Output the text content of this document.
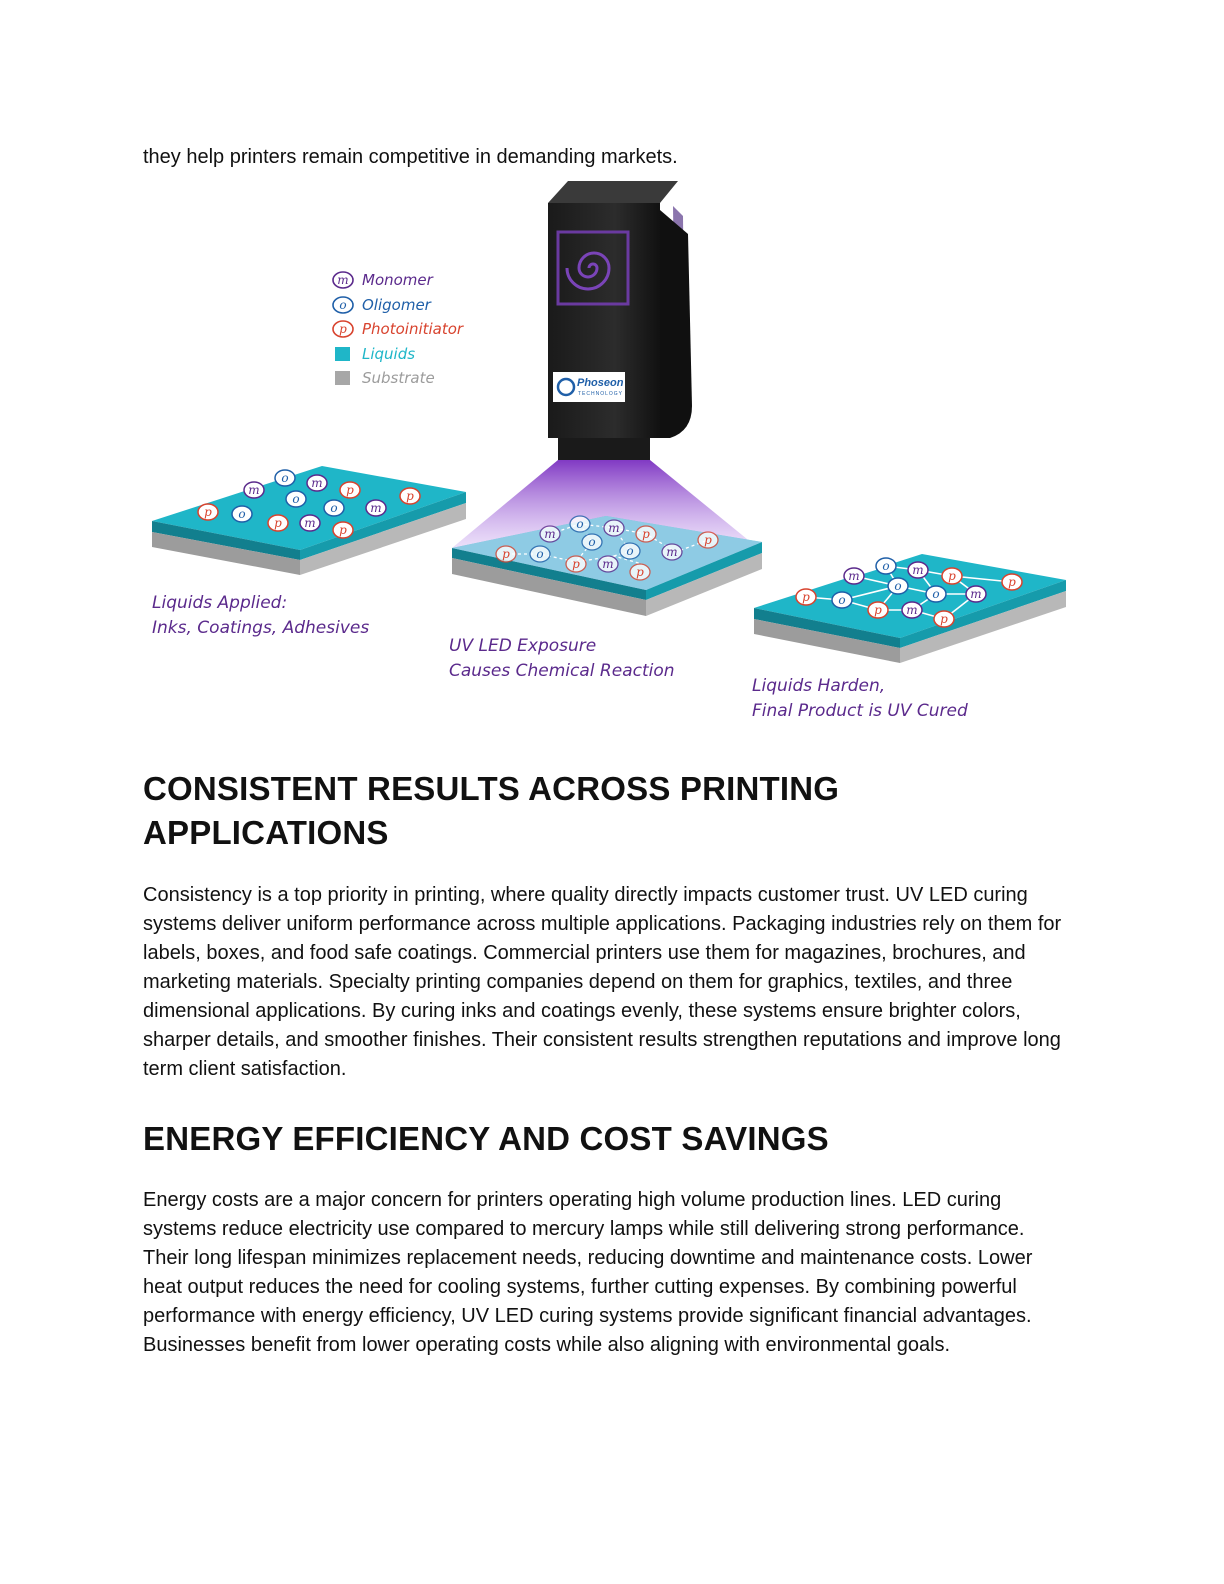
they help printers remain competitive in demanding markets.

m Monomer
o Oligomer
p Photoinitiator
Liquids
Substrate	Phoseon
TECHNOLOGY
o m
m	p
o	p
o	m
p o
p m p	o m
m	p
o	p
o	m
p o
p m
p	o m
m	p
o	p
o	m
p o
p m
p
Liquids Applied:
Inks, Coatings, Adhesives
UV LED Exposure
Causes Chemical Reaction
Liquids Harden,
Final Product is UV Cured
CONSISTENT RESULTS ACROSS PRINTING
APPLICATIONS

Consistency is a top priority in printing, where quality directly impacts customer trust. UV LED curing systems deliver uniform performance across multiple applications. Packaging industries rely on them for labels, boxes, and food safe coatings. Commercial printers use them for magazines, brochures, and marketing materials. Specialty printing companies depend on them for graphics, textiles, and three dimensional applications. By curing inks and coatings evenly, these systems ensure brighter colors, sharper details, and smoother finishes. Their consistent results strengthen reputations and improve long term client satisfaction.

ENERGY EFFICIENCY AND COST SAVINGS

Energy costs are a major concern for printers operating high volume production lines. LED curing systems reduce electricity use compared to mercury lamps while still delivering strong performance. Their long lifespan minimizes replacement needs, reducing downtime and maintenance costs. Lower heat output reduces the need for cooling systems, further cutting expenses. By combining powerful performance with energy efficiency, UV LED curing systems provide significant financial advantages. Businesses benefit from lower operating costs while also aligning with environmental goals.
